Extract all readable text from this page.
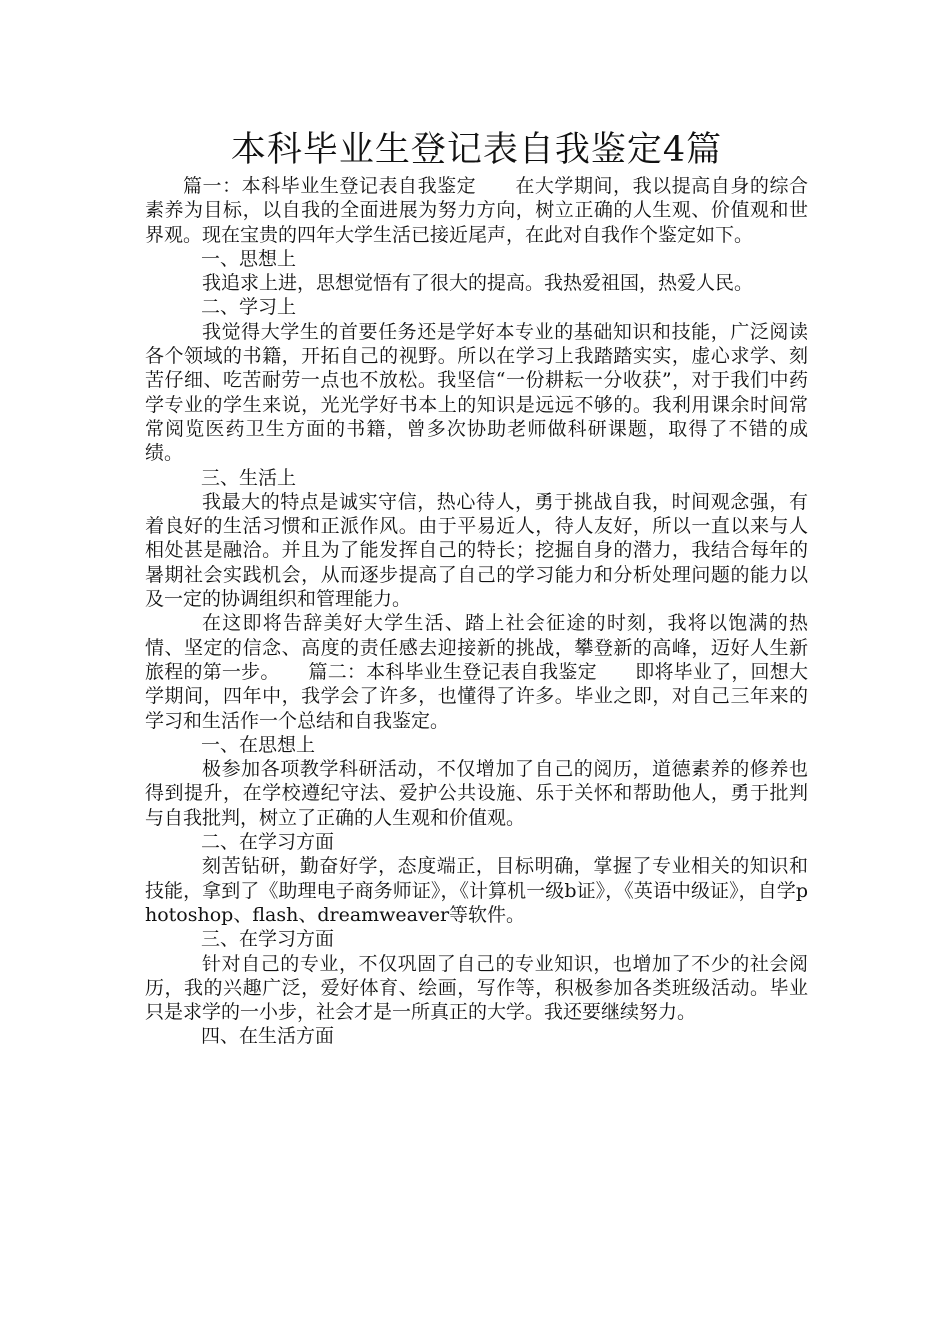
本科毕业生登记表自我鉴定4篇

篇一：本科毕业生登记表自我鉴定　　在大学期间，我以提高自身的综合素养为目标，以自我的全面进展为努力方向，树立正确的人生观、价值观和世界观。现在宝贵的四年大学生活已接近尾声，在此对自我作个鉴定如下。

一、思想上

我追求上进，思想觉悟有了很大的提高。我热爱祖国，热爱人民。

二、学习上

我觉得大学生的首要任务还是学好本专业的基础知识和技能，广泛阅读各个领域的书籍，开拓自己的视野。所以在学习上我踏踏实实，虚心求学、刻苦仔细、吃苦耐劳一点也不放松。我坚信“一份耕耘一分收获”，对于我们中药学专业的学生来说，光光学好书本上的知识是远远不够的。我利用课余时间常常阅览医药卫生方面的书籍，曾多次协助老师做科研课题，取得了不错的成绩。

三、生活上

我最大的特点是诚实守信，热心待人，勇于挑战自我，时间观念强，有着良好的生活习惯和正派作风。由于平易近人，待人友好，所以一直以来与人相处甚是融洽。并且为了能发挥自己的特长；挖掘自身的潜力，我结合每年的暑期社会实践机会，从而逐步提高了自己的学习能力和分析处理问题的能力以及一定的协调组织和管理能力。

在这即将告辞美好大学生活、踏上社会征途的时刻，我将以饱满的热情、坚定的信念、高度的责任感去迎接新的挑战，攀登新的高峰，迈好人生新旅程的第一步。　　篇二：本科毕业生登记表自我鉴定　　即将毕业了，回想大学期间，四年中，我学会了许多，也懂得了许多。毕业之即，对自己三年来的学习和生活作一个总结和自我鉴定。

一、在思想上

极参加各项教学科研活动，不仅增加了自己的阅历，道德素养的修养也得到提升，在学校遵纪守法、爱护公共设施、乐于关怀和帮助他人，勇于批判与自我批判，树立了正确的人生观和价值观。

二、在学习方面

刻苦钻研，勤奋好学，态度端正，目标明确，掌握了专业相关的知识和技能，拿到了《助理电子商务师证》，《计算机一级b证》，《英语中级证》，自学photoshop、flash、dreamweaver等软件。

三、在学习方面

针对自己的专业，不仅巩固了自己的专业知识，也增加了不少的社会阅历，我的兴趣广泛，爱好体育、绘画，写作等，积极参加各类班级活动。毕业只是求学的一小步，社会才是一所真正的大学。我还要继续努力。

四、在生活方面
